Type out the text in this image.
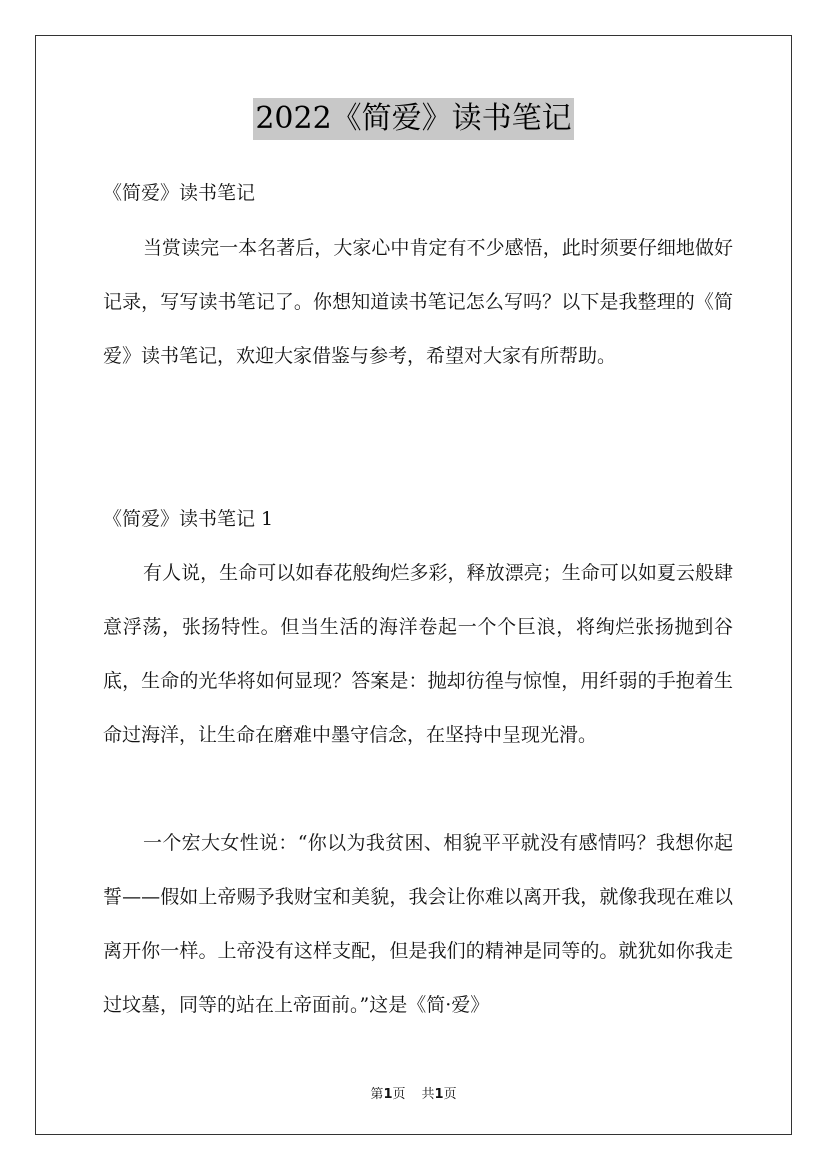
2022《简爱》读书笔记
《简爱》读书笔记

当赏读完一本名著后，大家心中肯定有不少感悟，此时须要仔细地做好记录，写写读书笔记了。你想知道读书笔记怎么写吗？以下是我整理的《简爱》读书笔记，欢迎大家借鉴与参考，希望对大家有所帮助。

《简爱》读书笔记 1

有人说，生命可以如春花般绚烂多彩，释放漂亮；生命可以如夏云般肆意浮荡，张扬特性。但当生活的海洋卷起一个个巨浪，将绚烂张扬抛到谷底，生命的光华将如何显现？答案是：抛却彷徨与惊惶，用纤弱的手抱着生命过海洋，让生命在磨难中墨守信念，在坚持中呈现光滑。

一个宏大女性说：“你以为我贫困、相貌平平就没有感情吗？我想你起誓——假如上帝赐予我财宝和美貌，我会让你难以离开我，就像我现在难以离开你一样。上帝没有这样支配，但是我们的精神是同等的。就犹如你我走过坟墓，同等的站在上帝面前。”这是《简·爱》

第1页 共1页
